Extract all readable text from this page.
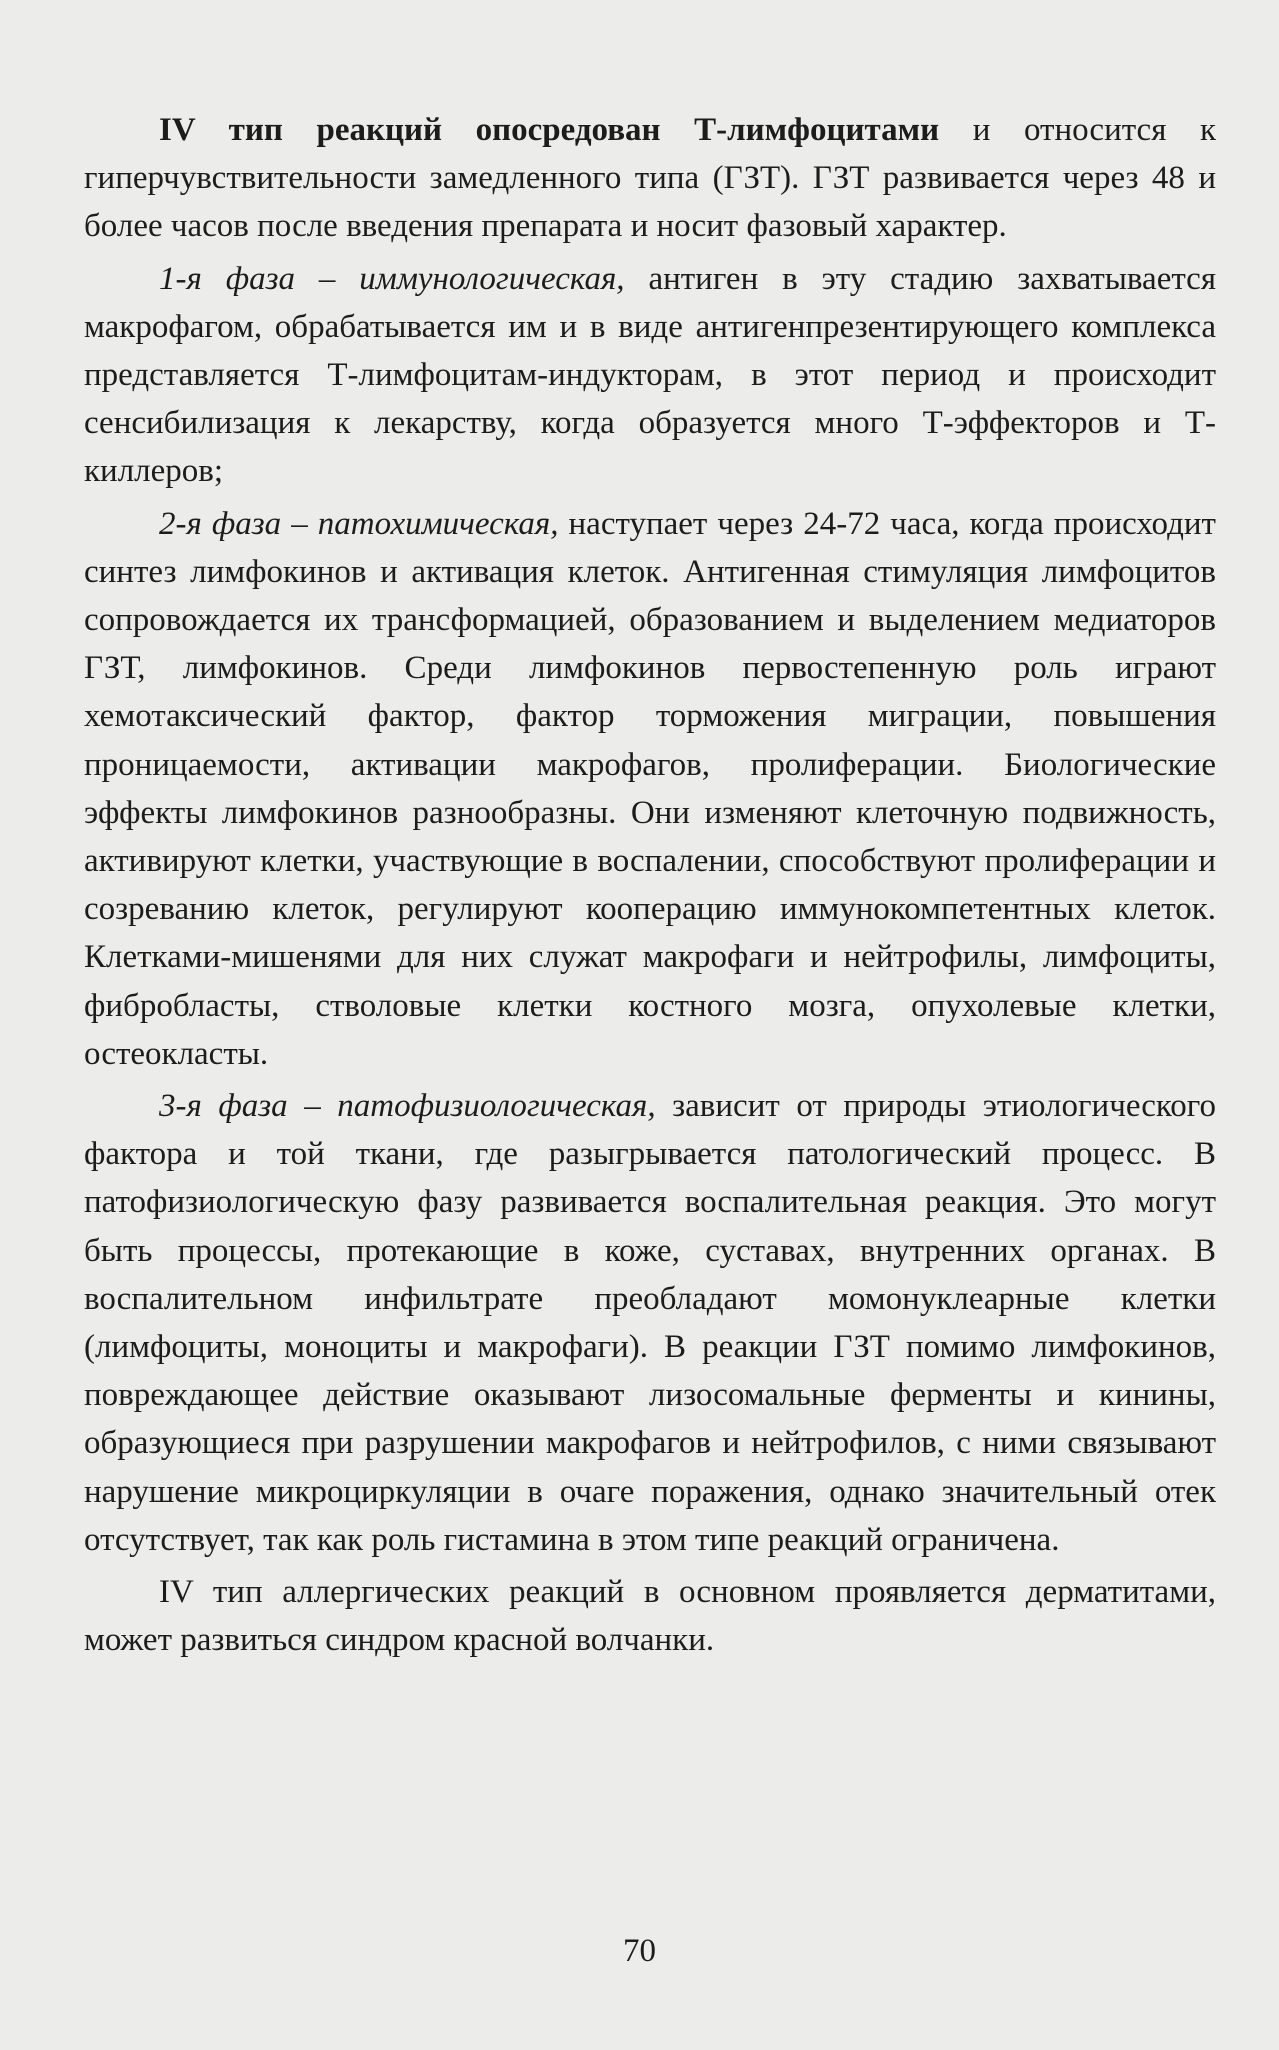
IV тип реакций опосредован Т-лимфоцитами и относится к гиперчувствительности замедленного типа (ГЗТ). ГЗТ развивается через 48 и более часов после введения препарата и носит фазовый характер.

1-я фаза – иммунологическая, антиген в эту стадию захватывается макрофагом, обрабатывается им и в виде антигенпрезентирующего комплекса представляется Т-лимфоцитам-индукторам, в этот период и происходит сенсибилизация к лекарству, когда образуется много Т-эффекторов и Т-киллеров;

2-я фаза – патохимическая, наступает через 24-72 часа, когда происходит синтез лимфокинов и активация клеток. Антигенная стимуляция лимфоцитов сопровождается их трансформацией, образованием и выделением медиаторов ГЗТ, лимфокинов. Среди лимфокинов первостепенную роль играют хемотаксический фактор, фактор торможения миграции, повышения проницаемости, активации макрофагов, пролиферации. Биологические эффекты лимфокинов разнообразны. Они изменяют клеточную подвижность, активируют клетки, участвующие в воспалении, способствуют пролиферации и созреванию клеток, регулируют кооперацию иммунокомпетентных клеток. Клетками-мишенями для них служат макрофаги и нейтрофилы, лимфоциты, фибробласты, стволовые клетки костного мозга, опухолевые клетки, остеокласты.

3-я фаза – патофизиологическая, зависит от природы этиологического фактора и той ткани, где разыгрывается патологический процесс. В патофизиологическую фазу развивается воспалительная реакция. Это могут быть процессы, протекающие в коже, суставах, внутренних органах. В воспалительном инфильтрате преобладают момонуклеарные клетки (лимфоциты, моноциты и макрофаги). В реакции ГЗТ помимо лимфокинов, повреждающее действие оказывают лизосомальные ферменты и кинины, образующиеся при разрушении макрофагов и нейтрофилов, с ними связывают нарушение микроциркуляции в очаге поражения, однако значительный отек отсутствует, так как роль гистамина в этом типе реакций ограничена.

IV тип аллергических реакций в основном проявляется дерматитами, может развиться синдром красной волчанки.

70
